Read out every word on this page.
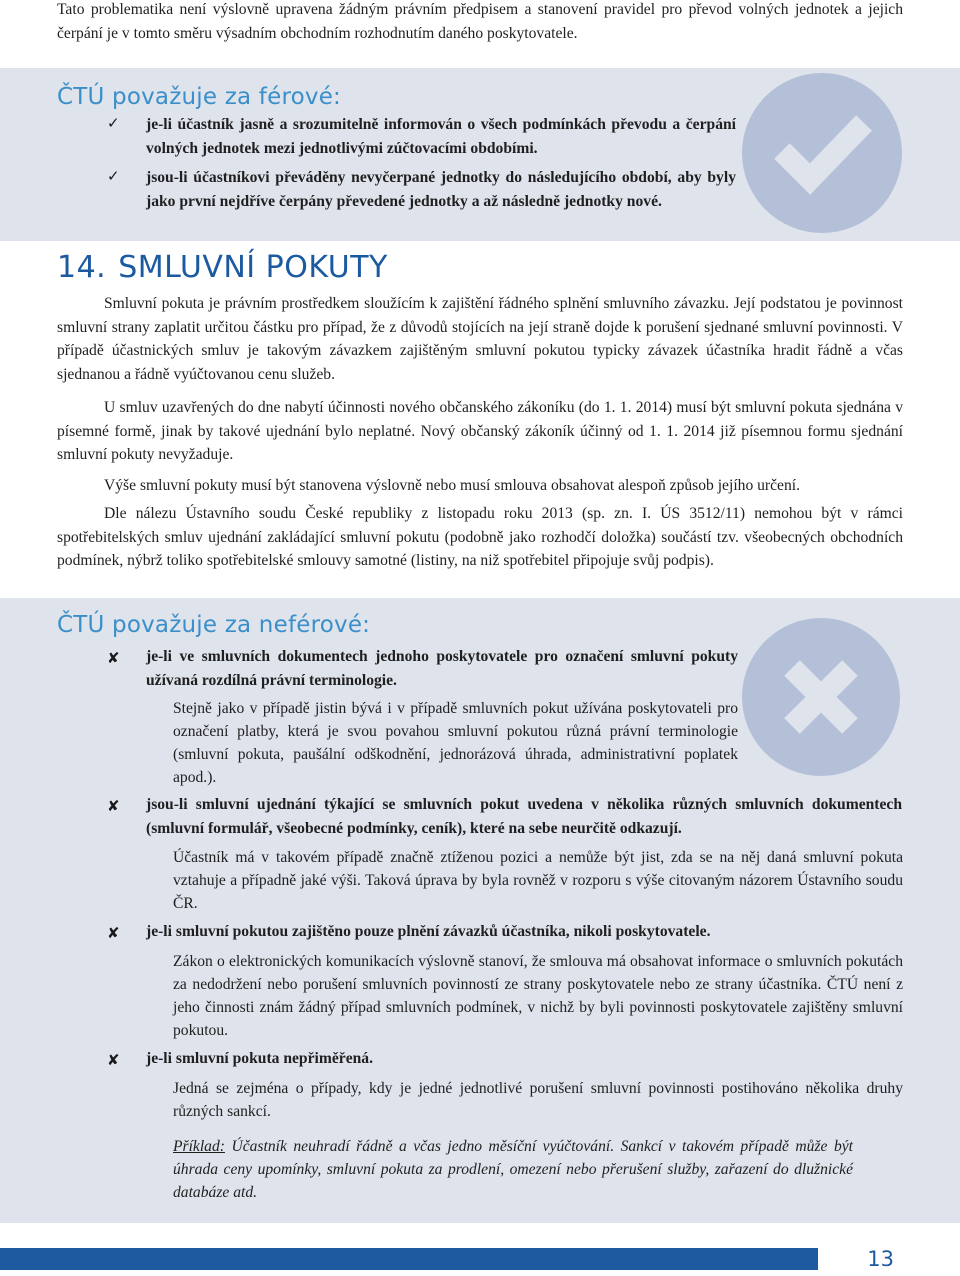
Tato problematika není výslovně upravena žádným právním předpisem a stanovení pravidel pro převod volných jednotek a jejich čerpání je v tomto směru výsadním obchodním rozhodnutím daného poskytovatele.

ČTÚ považuje za férové:
✓ je-li účastník jasně a srozumitelně informován o všech podmínkách převodu a čerpání volných jednotek mezi jednotlivými zúčtovacími obdobími.

✓ jsou-li účastníkovi převáděny nevyčerpané jednotky do následujícího období, aby byly jako první nejdříve čerpány převedené jednotky a až následně jednotky nové.

14. SMLUVNÍ POKUTY

Smluvní pokuta je právním prostředkem sloužícím k zajištění řádného splnění smluvního závazku. Její podstatou je povinnost smluvní strany zaplatit určitou částku pro případ, že z důvodů stojících na její straně dojde k porušení sjednané smluvní povinnosti. V případě účastnických smluv je takovým závazkem zajištěným smluvní pokutou typicky závazek účastníka hradit řádně a včas sjednanou a řádně vyúčtovanou cenu služeb.

U smluv uzavřených do dne nabytí účinnosti nového občanského zákoníku (do 1. 1. 2014) musí být smluvní pokuta sjednána v písemné formě, jinak by takové ujednání bylo neplatné. Nový občanský zákoník účinný od 1. 1. 2014 již písemnou formu sjednání smluvní pokuty nevyžaduje.

Výše smluvní pokuty musí být stanovena výslovně nebo musí smlouva obsahovat alespoň způsob jejího určení.

Dle nálezu Ústavního soudu České republiky z listopadu roku 2013 (sp. zn. I. ÚS 3512/11) nemohou být v rámci spotřebitelských smluv ujednání zakládající smluvní pokutu (podobně jako rozhodčí doložka) součástí tzv. všeobecných obchodních podmínek, nýbrž toliko spotřebitelské smlouvy samotné (listiny, na niž spotřebitel připojuje svůj podpis).

ČTÚ považuje za neférové:
✘ je-li ve smluvních dokumentech jednoho poskytovatele pro označení smluvní pokuty užívaná rozdílná právní terminologie.

Stejně jako v případě jistin bývá i v případě smluvních pokut užívána poskytovateli pro označení platby, která je svou povahou smluvní pokutou různá právní terminologie (smluvní pokuta, paušální odškodnění, jednorázová úhrada, administrativní poplatek apod.).

✘ jsou-li smluvní ujednání týkající se smluvních pokut uvedena v několika různých smluvních dokumentech (smluvní formulář, všeobecné podmínky, ceník), které na sebe neurčitě odkazují.

Účastník má v takovém případě značně ztíženou pozici a nemůže být jist, zda se na něj daná smluvní pokuta vztahuje a případně jaké výši. Taková úprava by byla rovněž v rozporu s výše citovaným názorem Ústavního soudu ČR.

✘ je-li smluvní pokutou zajištěno pouze plnění závazků účastníka, nikoli poskytovatele.

Zákon o elektronických komunikacích výslovně stanoví, že smlouva má obsahovat informace o smluvních pokutách za nedodržení nebo porušení smluvních povinností ze strany poskytovatele nebo ze strany účastníka. ČTÚ není z jeho činnosti znám žádný případ smluvních podmínek, v nichž by byli povinnosti poskytovatele zajištěny smluvní pokutou.

✘ je-li smluvní pokuta nepřiměřená.

Jedná se zejména o případy, kdy je jedné jednotlivé porušení smluvní povinnosti postihováno několika druhy různých sankcí.

Příklad: Účastník neuhradí řádně a včas jedno měsíční vyúčtování. Sankcí v takovém případě může být úhrada ceny upomínky, smluvní pokuta za prodlení, omezení nebo přerušení služby, zařazení do dlužnické databáze atd.

13
